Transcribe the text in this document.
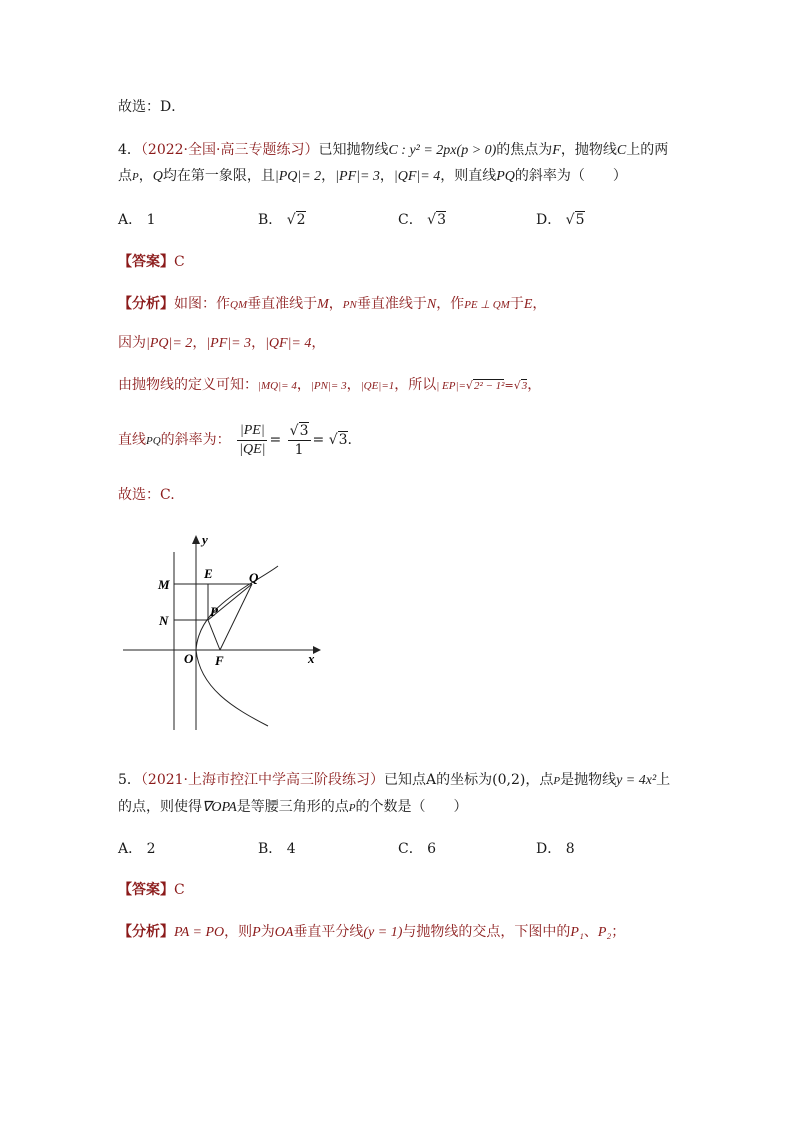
故选：D．
4．（2022·全国·高三专题练习）已知抛物线C : y² = 2px(p > 0)的焦点为F，抛物线C上的两
点P，Q均在第一象限，且|PQ|= 2，|PF|= 3，|QF|= 4，则直线PQ的斜率为（　　）
A． 1	B． √2	C． √3	D． √5
【答案】C
【分析】如图：作QM垂直准线于M，PN垂直准线于N，作PE ⊥ QM于E，
因为|PQ|= 2，|PF|= 3，|QF|= 4，
由抛物线的定义可知：|MQ|= 4，|PN|= 3，|QE|=1，所以| EP|=√2² − 1²=√3，
直线PQ的斜率为： $\frac{|PE|}{|QE|} = \frac{√3}{1} = √3$.
故选：C.
y
x
M
N
E	Q
P
O F
5．（2021·上海市控江中学高三阶段练习）已知点A的坐标为(0,2)，点P是抛物线y = 4x²上
的点，则使得∇OPA是等腰三角形的点P的个数是（　　）
A． 2	B． 4	C． 6	D． 8
【答案】C
【分析】PA = PO，则P为OA垂直平分线(y = 1)与抛物线的交点，下图中的P₁、P₂；
